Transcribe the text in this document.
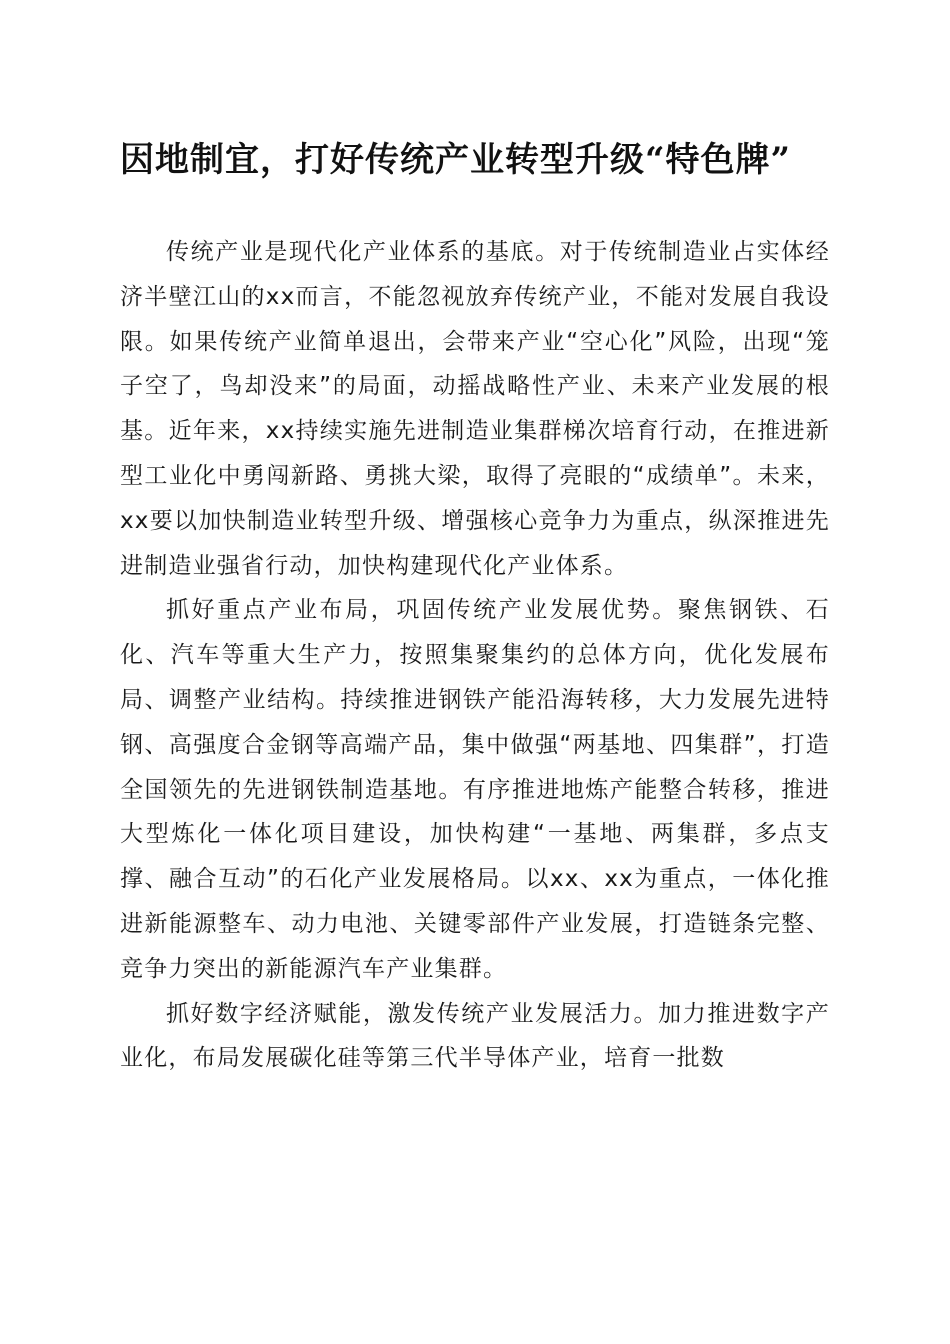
因地制宜，打好传统产业转型升级“特色牌”

传统产业是现代化产业体系的基底。对于传统制造业占实体经济半壁江山的xx而言，不能忽视放弃传统产业，不能对发展自我设限。如果传统产业简单退出，会带来产业“空心化”风险，出现“笼子空了，鸟却没来”的局面，动摇战略性产业、未来产业发展的根基。近年来，xx持续实施先进制造业集群梯次培育行动，在推进新型工业化中勇闯新路、勇挑大梁，取得了亮眼的“成绩单”。未来，xx要以加快制造业转型升级、增强核心竞争力为重点，纵深推进先进制造业强省行动，加快构建现代化产业体系。

抓好重点产业布局，巩固传统产业发展优势。聚焦钢铁、石化、汽车等重大生产力，按照集聚集约的总体方向，优化发展布局、调整产业结构。持续推进钢铁产能沿海转移，大力发展先进特钢、高强度合金钢等高端产品，集中做强“两基地、四集群”，打造全国领先的先进钢铁制造基地。有序推进地炼产能整合转移，推进大型炼化一体化项目建设，加快构建“一基地、两集群，多点支撑、融合互动”的石化产业发展格局。以xx、xx为重点，一体化推进新能源整车、动力电池、关键零部件产业发展，打造链条完整、竞争力突出的新能源汽车产业集群。

抓好数字经济赋能，激发传统产业发展活力。加力推进数字产业化，布局发展碳化硅等第三代半导体产业，培育一批数
